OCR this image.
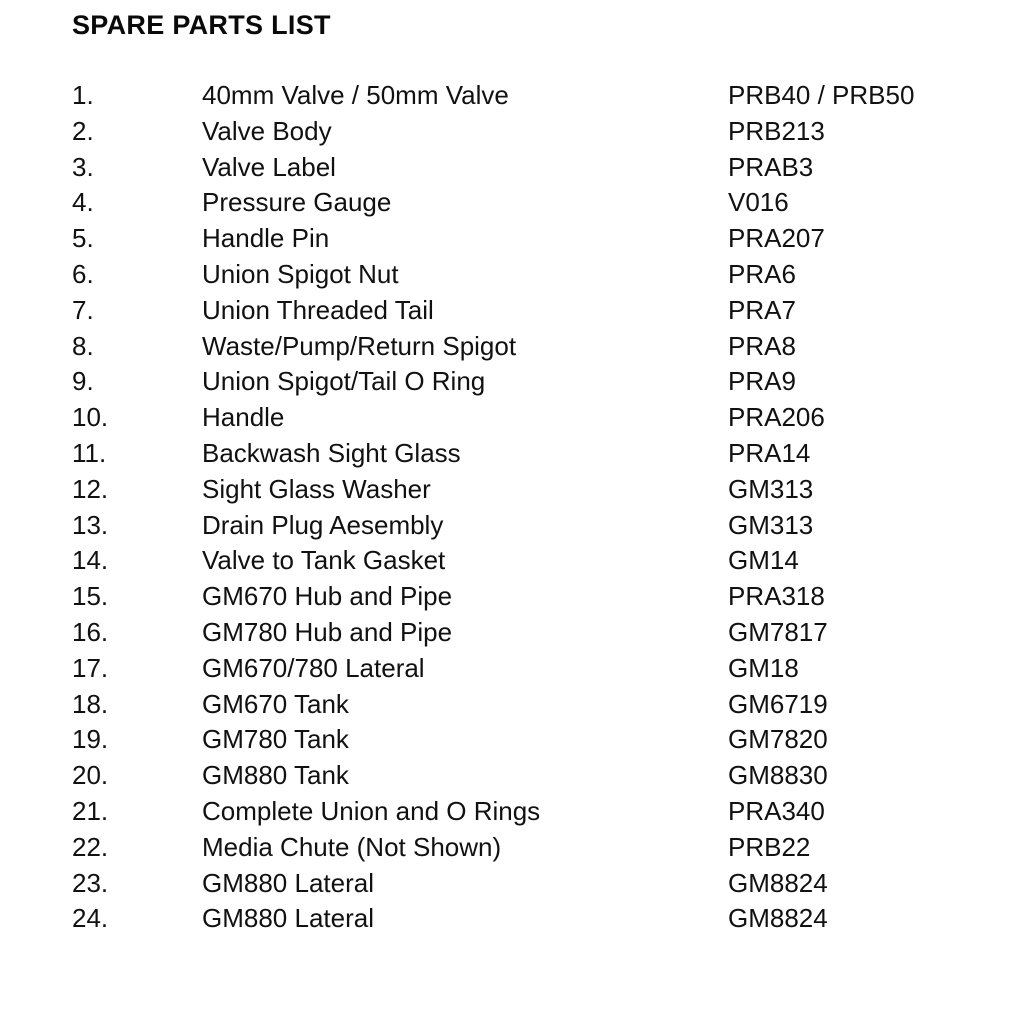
SPARE PARTS LIST
1.	40mm Valve / 50mm Valve	PRB40 / PRB50
2.	Valve Body	PRB213
3.	Valve Label	PRAB3
4.	Pressure Gauge	V016
5.	Handle Pin	PRA207
6.	Union Spigot Nut	PRA6
7.	Union Threaded Tail	PRA7
8.	Waste/Pump/Return Spigot	PRA8
9.	Union Spigot/Tail O Ring	PRA9
10.	Handle	PRA206
11.	Backwash Sight Glass	PRA14
12.	Sight Glass Washer	GM313
13.	Drain Plug Aesembly	GM313
14.	Valve to Tank Gasket	GM14
15.	GM670 Hub and Pipe	PRA318
16.	GM780 Hub and Pipe	GM7817
17.	GM670/780 Lateral	GM18
18.	GM670 Tank	GM6719
19.	GM780 Tank	GM7820
20.	GM880 Tank	GM8830
21.	Complete Union and O Rings	PRA340
22.	Media Chute (Not Shown)	PRB22
23.	GM880 Lateral	GM8824
24.	GM880 Lateral	GM8824
